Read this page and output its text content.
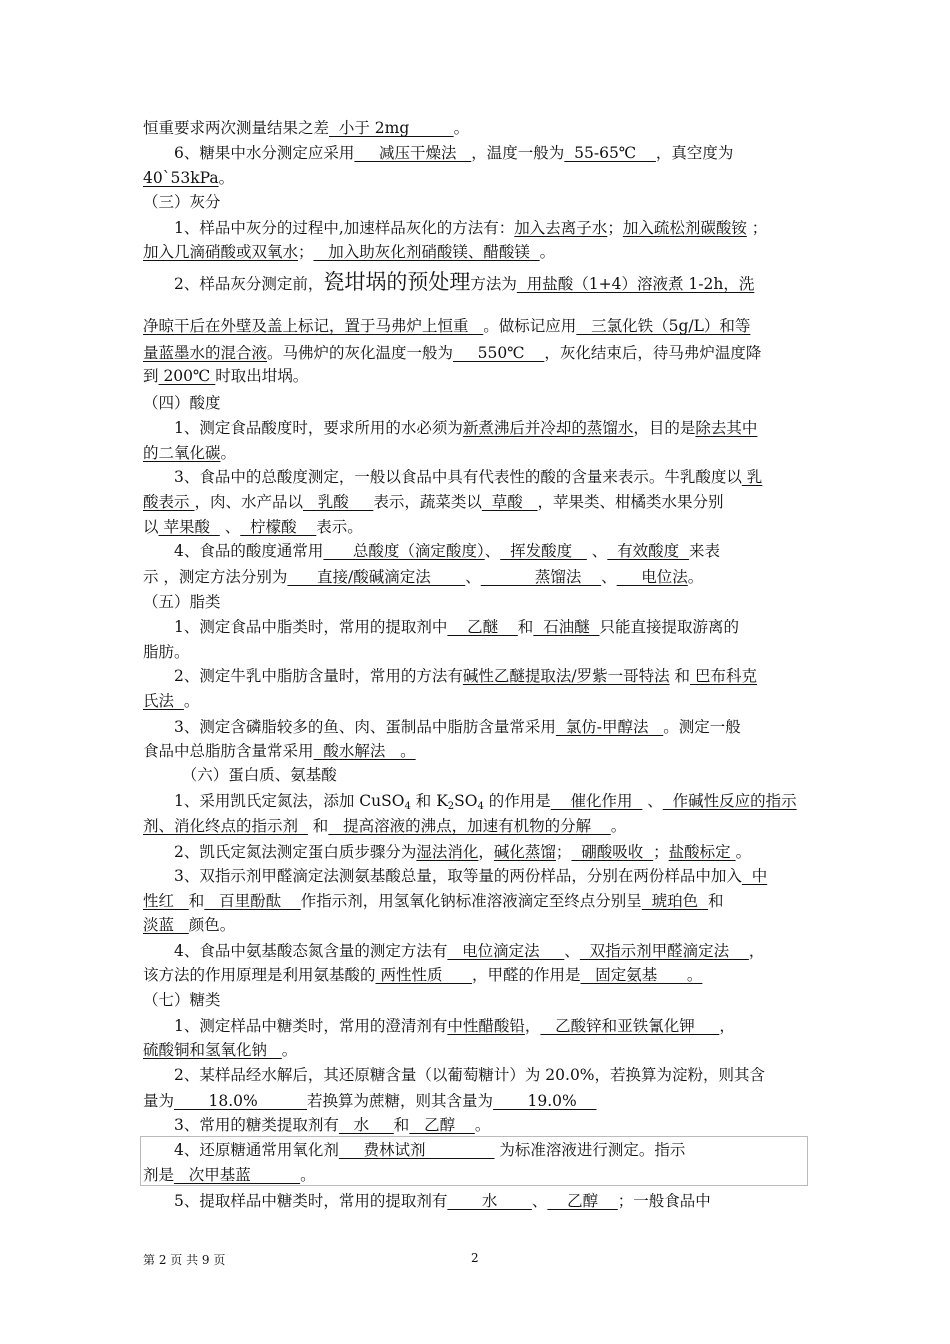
恒重要求两次测量结果之差  小于 2mg         。
　　6、糖果中水分测定应采用     减压干燥法   ，温度一般为  55-65℃    ，真空度为
40`53kPa。
（三）灰分
　　1、样品中灰分的过程中,加速样品灰化的方法有：加入去离子水；加入疏松剂碳酸铵 ；
加入几滴硝酸或双氧水；   加入助灰化剂硝酸镁、醋酸镁  。
　　2、样品灰分测定前，瓷坩埚的预处理方法为  用盐酸（1+4）溶液煮 1-2h，洗
净晾干后在外壁及盖上标记，置于马弗炉上恒重   。做标记应用   三氯化铁（5g/L）和等
量蓝墨水的混合液。马佛炉的灰化温度一般为     550℃    ，灰化结束后，待马弗炉温度降
到 200℃ 时取出坩埚。
（四）酸度
　　1、测定食品酸度时，要求所用的水必须为新煮沸后并冷却的蒸馏水，目的是除去其中
的二氧化碳。
　　3、食品中的总酸度测定，一般以食品中具有代表性的酸的含量来表示。牛乳酸度以 乳
酸表示 ，肉、水产品以   乳酸     表示，蔬菜类以  草酸   ，苹果类、柑橘类水果分别
以 苹果酸   、  柠檬酸    表示。
　　4、食品的酸度通常用      总酸度（滴定酸度）、  挥发酸度    、  有效酸度  来表
示 ，测定方法分别为      直接/酸碱滴定法       、           蒸馏法    、     电位法。
（五）脂类
　　1、测定食品中脂类时，常用的提取剂中    乙醚    和  石油醚  只能直接提取游离的
脂肪。
　　2、测定牛乳中脂肪含量时，常用的方法有碱性乙醚提取法/罗紫一哥特法 和 巴布科克
氏法  。
　　3、测定含磷脂较多的鱼、肉、蛋制品中脂肪含量常采用  氯仿-甲醇法   。测定一般
食品中总脂肪含量常采用  酸水解法   。
　　　（六）蛋白质、氨基酸
　　1、采用凯氏定氮法，添加 CuSO4 和 K2SO4 的作用是    催化作用   、  作碱性反应的指示
剂、消化终点的指示剂   和   提高溶液的沸点，加速有机物的分解    。
　　2、凯氏定氮法测定蛋白质步骤分为湿法消化，碱化蒸馏；  硼酸吸收  ；盐酸标定 。
　　3、双指示剂甲醛滴定法测氨基酸总量，取等量的两份样品，分别在两份样品中加入  中
性红   和   百里酚酞    作指示剂，用氢氧化钠标准溶液滴定至终点分别呈  琥珀色  和
淡蓝   颜色。
　　4、食品中氨基酸态氮含量的测定方法有   电位滴定法     、  双指示剂甲醛滴定法    ，
该方法的作用原理是利用氨基酸的 两性性质      ，甲醛的作用是   固定氨基      。
（七）糖类
　　1、测定样品中糖类时，常用的澄清剂有中性醋酸铅，   乙酸锌和亚铁氰化钾     ，
硫酸铜和氢氧化钠   。
　　2、某样品经水解后，其还原糖含量（以葡萄糖计）为 20.0%，若换算为淀粉，则其含
量为       18.0%          若换算为蔗糖，则其含量为       19.0%
　　3、常用的糖类提取剂有   水     和   乙醇    。
　　4、还原糖通常用氧化剂     费林试剂               为标准溶液进行测定。指示
剂是   次甲基蓝          。
　　5、提取样品中糖类时，常用的提取剂有       水       、    乙醇    ；一般食品中
第 2 页 共 9 页	2
